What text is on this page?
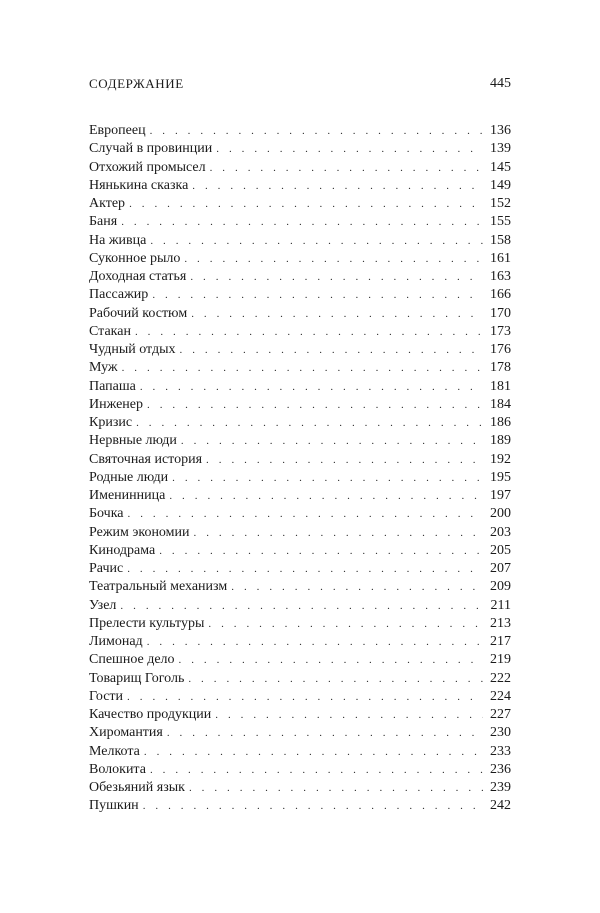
СОДЕРЖАНИЕ	445
Европеец . . .	136
Случай в провинции . . .	139
Отхожий промысел . . .	145
Нянькина сказка . . .	149
Актер . . .	152
Баня . . .	155
На живца . . .	158
Суконное рыло . . .	161
Доходная статья . . .	163
Пассажир . . .	166
Рабочий костюм . . .	170
Стакан . . .	173
Чудный отдых . . .	176
Муж . . .	178
Папаша . . .	181
Инженер . . .	184
Кризис . . .	186
Нервные люди . . .	189
Святочная история . . .	192
Родные люди . . .	195
Именинница . . .	197
Бочка . . .	200
Режим экономии . . .	203
Кинодрама . . .	205
Рачис . . .	207
Театральный механизм . . .	209
Узел . . .	211
Прелести культуры . . .	213
Лимонад . . .	217
Спешное дело . . .	219
Товарищ Гоголь . . .	222
Гости . . .	224
Качество продукции . . .	227
Хиромантия . . .	230
Мелкота . . .	233
Волокита . . .	236
Обезьяний язык . . .	239
Пушкин . . .	242
